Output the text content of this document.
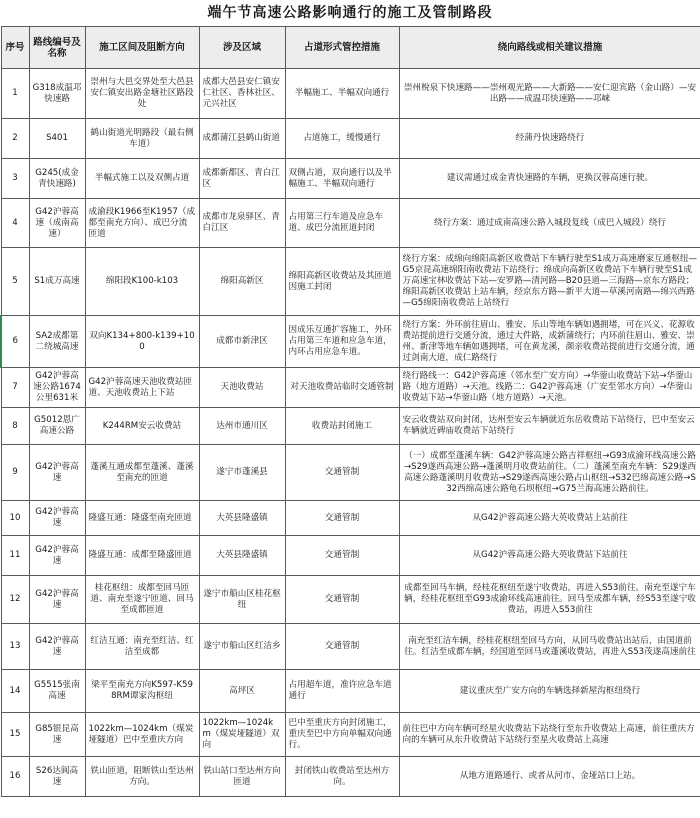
端午节高速公路影响通行的施工及管制路段
序号	路线编号及名称	施工区间及阻断方向	涉及区域	占道形式管控措施	绕向路线或相关建议措施
1	G318成温邛快速路	崇州与大邑交界处至大邑县安仁镇安出路金塘社区路段处	成都大邑县安仁镇安仁社区、香林社区、元兴社区	半幅施工、半幅双向通行	崇州梲泉下快速路——崇州观光路——大新路——安仁迎宾路（金山路）—安出路——成温邛快速路——邛崃
2	S401	鹤山街道光明路段（最右侧车道）	成都蒲江县鹤山街道	占道施工，缓慢通行	经蒲丹快速路绕行
3	G245(成金青快速路)	半幅式施工以及双侧占道	成都新都区、青白江区	双侧占道，双向通行以及半幅施工、半幅双向通行	建议需通过成金青快速路的车辆，更换汉蓉高速行驶。
4	G42沪蓉高速（成南高速）	成渝段K1966至K1957（成都至南充方向）、成巴分流匝道	成都市龙泉驿区、青白江区	占用第三行车道及应急车道、成巴分流匝道封闭	绕行方案：通过成南高速公路入城段复线（成巴入城段）绕行
5	S1成万高速	绵阳段K100-k103	绵阳高新区	绵阳高新区收费站及其匝道因施工封闭	绕行方案：成绵向绵阳高新区收费站下车辆行驶至S1成万高速磨家互通枢纽—G5京昆高速绵阳南收费站下站绕行；绵成向高新区收费站下车辆行驶至S1成万高速宝林收费站下站—安罗路—清河路—B20县道—三海路—京东方路段；绵阳高新区收费站上站车辆，经京东方路—新平大道—草溪河南路—绵兴西路—G5绵阳南收费站上站绕行
6	SA2成都第二绕城高速	双向K134+800-k139+100	成都市新津区	因成乐互通扩容施工，外环占用第三车道和应急车道，内环占用应急车道。	绕行方案：外环前往眉山、雅安、乐山等地车辆如遇拥堵，可在兴义、花源收费站提前进行交通分流，通过大件路，成新蒲绕行；内环前往眉山、雅安、崇州、新津等地车辆如遇拥堵，可在黄龙溪，颜亲收费站提前进行交通分流，通过剑南大道，成仁路绕行
7	G42沪蓉高速公路1674公里631米	G42沪蓉高速天池收费站匝道、天池收费站上下站	天池收费站	对天池收费站临时交通管制	绕行路线一：G42沪蓉高速（邻水至广安方向）→华蓥山收费站下站→华蓥山路（地方道路）→天池。线路二：G42沪蓉高速（广安至邻水方向）→华蓥山收费站下站→华蓥山路（地方道路）→天池。
8	G5012恩广高速公路	K244RM安云收费站	达州市通川区	收费站封闭施工	安云收费站双向封闭，达州至安云车辆就近东岳收费站下站绕行，巴中至安云车辆就近碑庙收费站下站绕行
9	G42沪蓉高速	蓬溪互通成都至蓬溪、蓬溪至南充的匝道	遂宁市蓬溪县	交通管制	（一）成都至蓬溪车辆：G42沪蓉高速公路吉祥枢纽→G93成渝环线高速公路→S29遂西高速公路→蓬溪明月收费站前往。（二）蓬溪至南充车辆：S29遂西高速公路蓬溪明月收费站→S29遂西高速公路占山枢纽→S32巴绵高速公路→S32西绵高速公路龟石坝枢纽→G75兰海高速公路前往。
10	G42沪蓉高速	隆盛互通：隆盛至南充匝道	大英县隆盛镇	交通管制	从G42沪蓉高速公路大英收费站上站前往
11	G42沪蓉高速	隆盛互通：成都至隆盛匝道	大英县隆盛镇	交通管制	从G42沪蓉高速公路大英收费站下站前往
12	G42沪蓉高速	桂花枢纽：成都至回马匝道、南充至遂宁匝道、回马至成都匝道	遂宁市船山区桂花枢纽	交通管制	成都至回马车辆，经桂花枢纽至遂宁收费站，再进入S53前往。南充至遂宁车辆，经桂花枢纽至G93成渝环线高速前往。回马至成都车辆，经S53至遂宁收费站，再进入S53前往
13	G42沪蓉高速	红洁互通：南充至红洁、红洁至成都	遂宁市船山区红洁乡	交通管制	南充至红洁车辆，经桂花枢纽至回马方向，从回马收费站出站后，由国道前往。红洁至成都车辆，经国道至回马或蓬溪收费站，再进入S53茂遂高速前往
14	G5515张南高速	梁平至南充方向K597-K598RM谭家沟枢纽	高坪区	占用超车道，准许应急车道通行	建议重庆至广安方向的车辆选择新屋沟枢纽绕行
15	G85银昆高速	1022km—1024km（煤炭垭隧道）巴中至重庆方向	1022km—1024km（煤炭垭隧道）双向	巴中至重庆方向封闭施工，重庆至巴中方向单幅双向通行。	前往巴中方向车辆可经星火收费站下站绕行至东升收费站上高速，前往重庆方向的车辆可从东升收费站下站绕行至星火收费站上高速
16	S26达阆高速	铁山匝道，阻断铁山至达州方向。	铁山站口至达州方向匝道	封闭铁山收费站至达州方向。	从地方道路通行、或者从河市、金垭站口上站。
